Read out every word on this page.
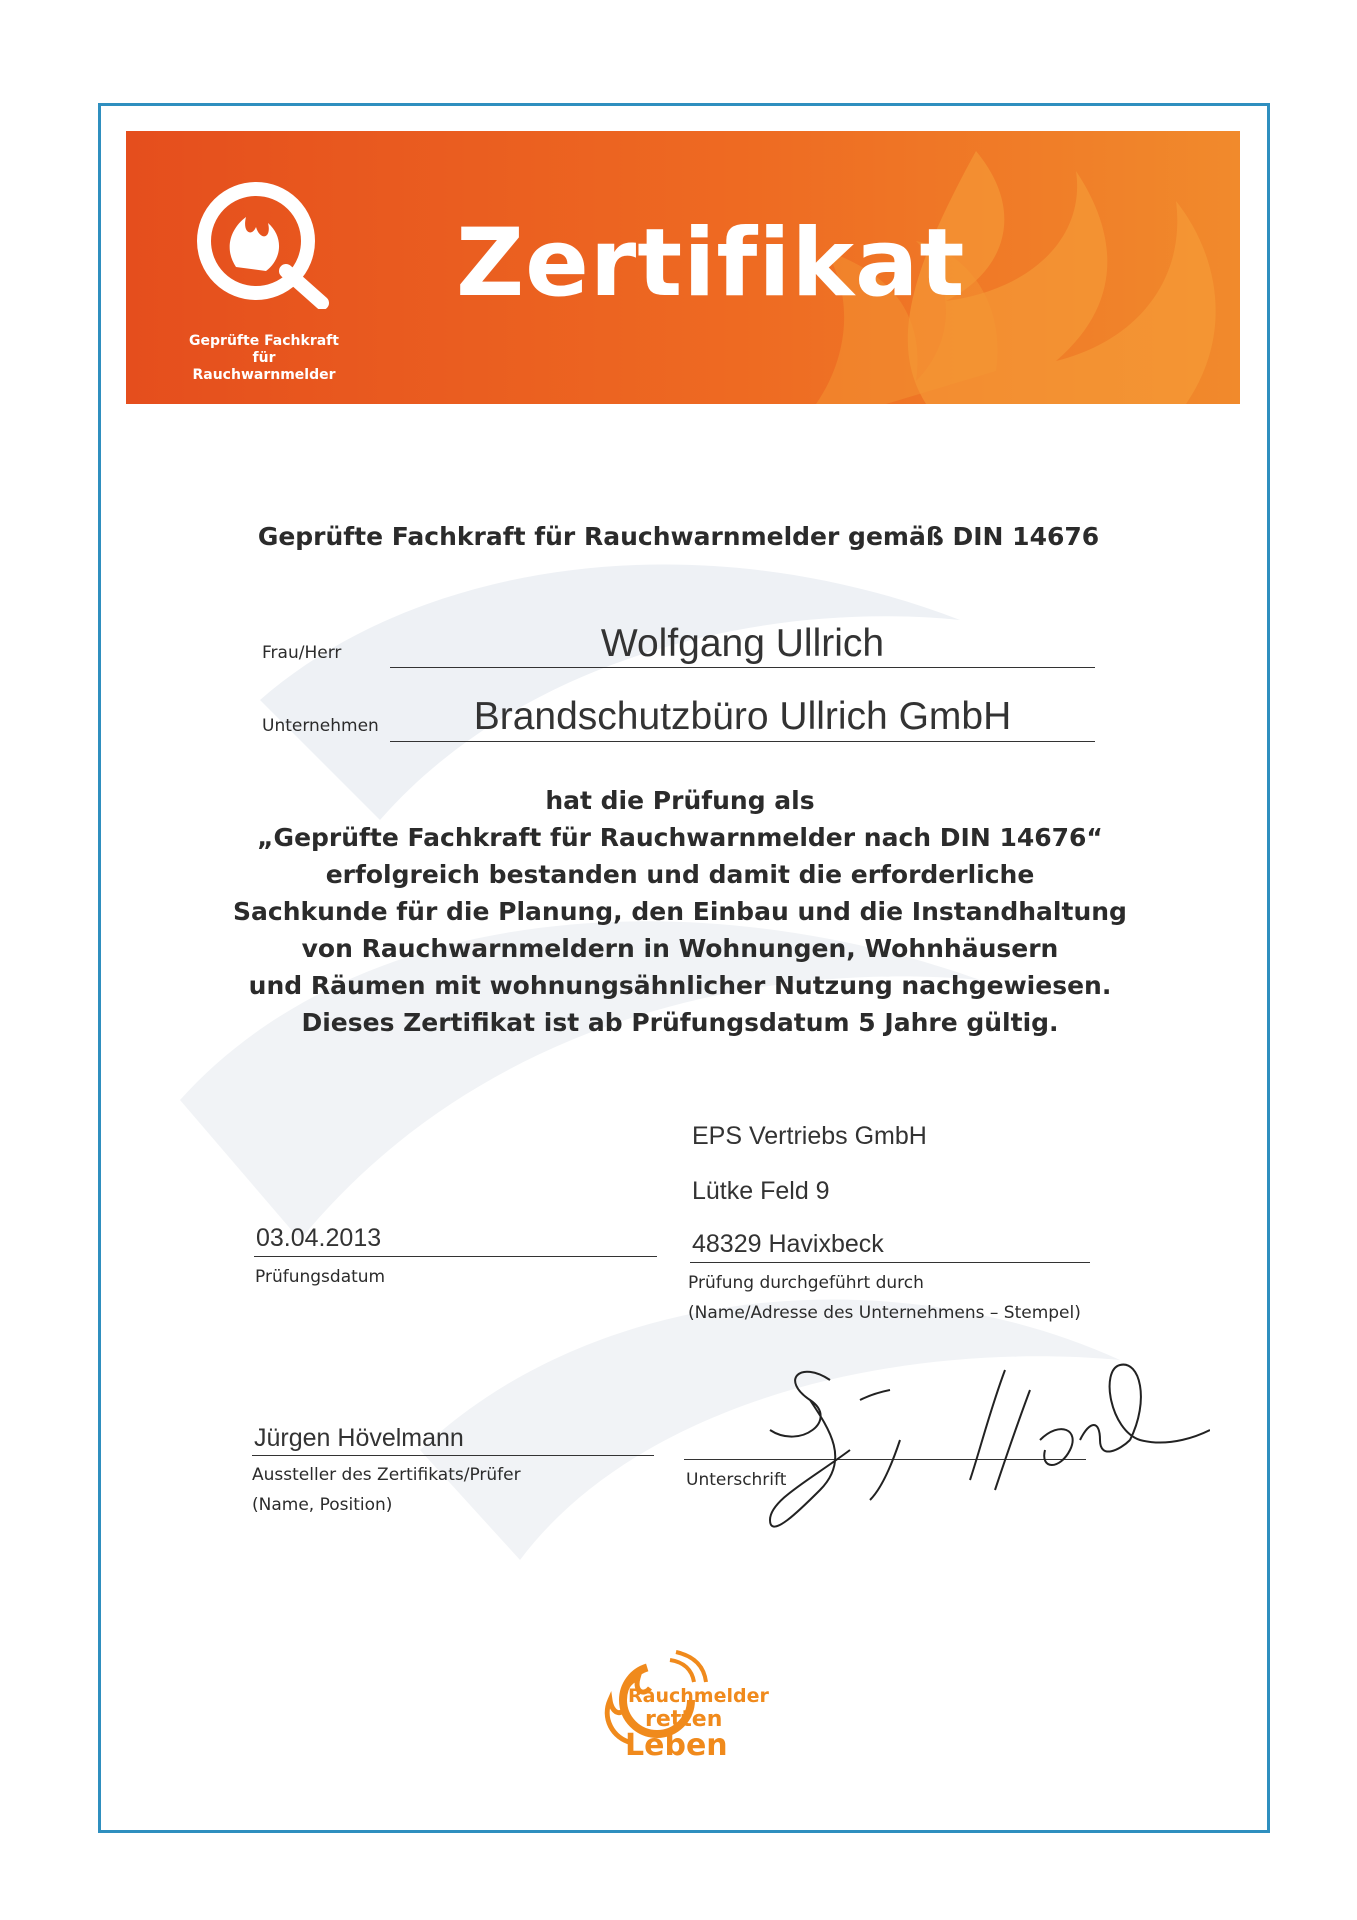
Geprüfte Fachkraft
für Rauchwarnmelder
Zertifikat
Geprüfte Fachkraft für Rauchwarnmelder gemäß DIN 14676
Frau/Herr	Wolfgang Ullrich
Unternehmen	Brandschutzbüro Ullrich GmbH
hat die Prüfung als
„Geprüfte Fachkraft für Rauchwarnmelder nach DIN 14676“
erfolgreich bestanden und damit die erforderliche
Sachkunde für die Planung, den Einbau und die Instandhaltung
von Rauchwarnmeldern in Wohnungen, Wohnhäusern
und Räumen mit wohnungsähnlicher Nutzung nachgewiesen.
Dieses Zertifikat ist ab Prüfungsdatum 5 Jahre gültig.
EPS Vertriebs GmbH
Lütke Feld 9
48329 Havixbeck
Prüfung durchgeführt durch
(Name/Adresse des Unternehmens – Stempel)
03.04.2013
Prüfungsdatum
Jürgen Hövelmann
Aussteller des Zertifikats/Prüfer
(Name, Position)
Unterschrift
Rauchmelder
retten
Leben
